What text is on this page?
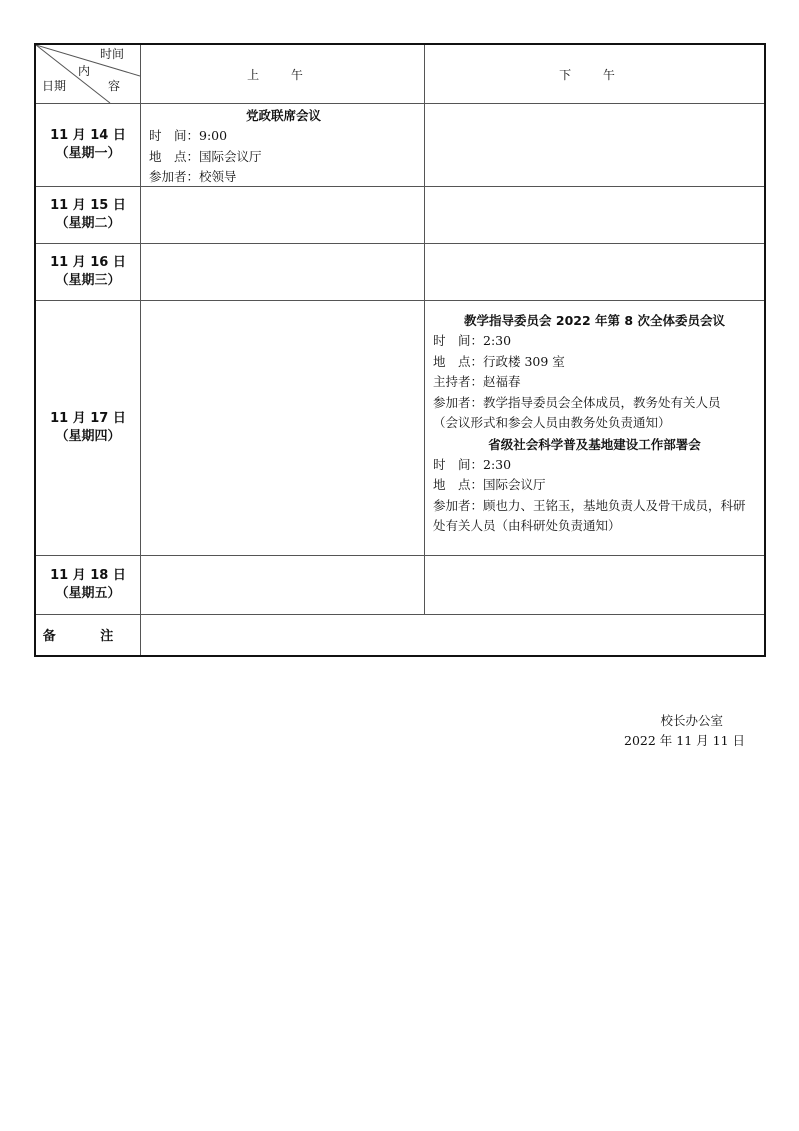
时间
内
日期	容
上 午	下 午
11 月 14 日
（星期一）
党政联席会议
时　间：9:00
地　点：国际会议厅
参加者：校领导
11 月 15 日
（星期二）
11 月 16 日
（星期三）
11 月 17 日
（星期四）
教学指导委员会 2022 年第 8 次全体委员会议
时　间：2:30
地　点：行政楼 309 室
主持者：赵福春
参加者：教学指导委员会全体成员，教务处有关人员
（会议形式和参会人员由教务处负责通知）
省级社会科学普及基地建设工作部署会
时　间：2:30
地　点：国际会议厅
参加者：顾也力、王铭玉，基地负责人及骨干成员，科研处有关人员（由科研处负责通知）
11 月 18 日
（星期五）
备 注
校长办公室
2022 年 11 月 11 日
